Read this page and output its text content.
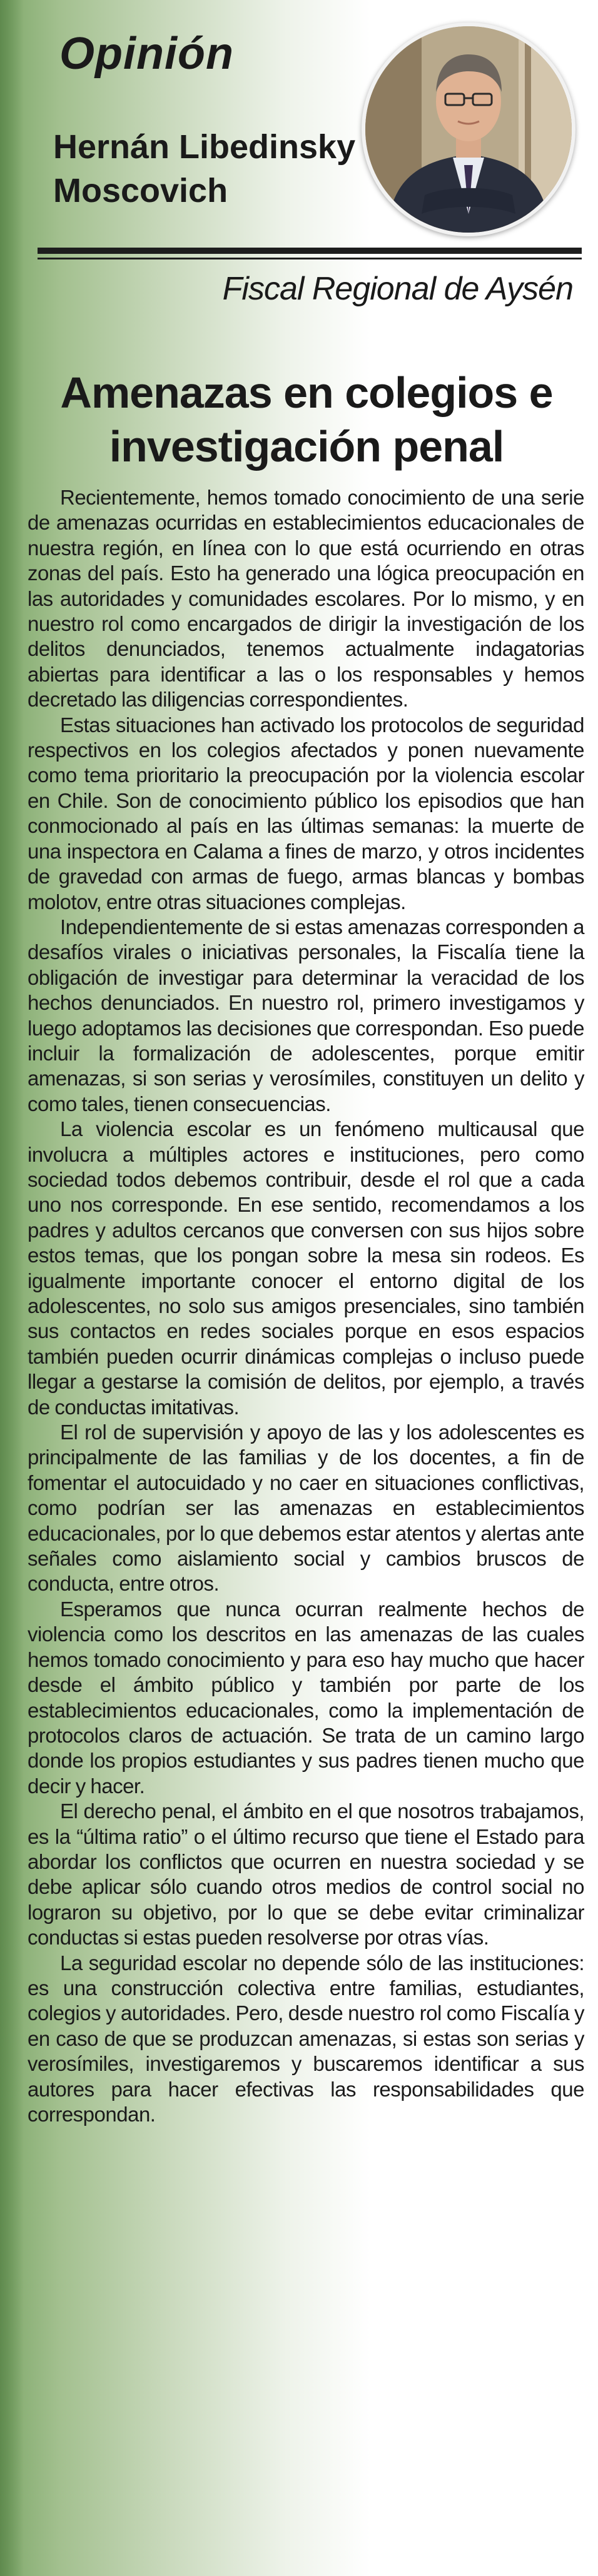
Opinión
Hernán Libedinsky Moscovich

Fiscal Regional de Aysén

Amenazas en colegios e investigación penal

Recientemente, hemos tomado conocimiento de una serie de amenazas ocurridas en establecimientos educacionales de nuestra región, en línea con lo que está ocurriendo en otras zonas del país. Esto ha generado una lógica preocupación en las autoridades y comunidades escolares. Por lo mismo, y en nuestro rol como encargados de dirigir la investigación de los delitos denunciados, tenemos actualmente indagatorias abiertas para identificar a las o los responsables y hemos decretado las diligencias correspondientes.

Estas situaciones han activado los protocolos de seguridad respectivos en los colegios afectados y ponen nuevamente como tema prioritario la preocupación por la violencia escolar en Chile. Son de conocimiento público los episodios que han conmocionado al país en las últimas semanas: la muerte de una inspectora en Calama a fines de marzo, y otros incidentes de gravedad con armas de fuego, armas blancas y bombas molotov, entre otras situaciones complejas.

Independientemente de si estas amenazas corresponden a desafíos virales o iniciativas personales, la Fiscalía tiene la obligación de investigar para determinar la veracidad de los hechos denunciados. En nuestro rol, primero investigamos y luego adoptamos las decisiones que correspondan. Eso puede incluir la formalización de adolescentes, porque emitir amenazas, si son serias y verosímiles, constituyen un delito y como tales, tienen consecuencias.

La violencia escolar es un fenómeno multicausal que involucra a múltiples actores e instituciones, pero como sociedad todos debemos contribuir, desde el rol que a cada uno nos corresponde. En ese sentido, recomendamos a los padres y adultos cercanos que conversen con sus hijos sobre estos temas, que los pongan sobre la mesa sin rodeos. Es igualmente importante conocer el entorno digital de los adolescentes, no solo sus amigos presenciales, sino también sus contactos en redes sociales porque en esos espacios también pueden ocurrir dinámicas complejas o incluso puede llegar a gestarse la comisión de delitos, por ejemplo, a través de conductas imitativas.

El rol de supervisión y apoyo de las y los adolescentes es principalmente de las familias y de los docentes, a fin de fomentar el autocuidado y no caer en situaciones conflictivas, como podrían ser las amenazas en establecimientos educacionales, por lo que debemos estar atentos y alertas ante señales como aislamiento social y cambios bruscos de conducta, entre otros.

Esperamos que nunca ocurran realmente hechos de violencia como los descritos en las amenazas de las cuales hemos tomado conocimiento y para eso hay mucho que hacer desde el ámbito público y también por parte de los establecimientos educacionales, como la implementación de protocolos claros de actuación. Se trata de un camino largo donde los propios estudiantes y sus padres tienen mucho que decir y hacer.

El derecho penal, el ámbito en el que nosotros trabajamos, es la “última ratio” o el último recurso que tiene el Estado para abordar los conflictos que ocurren en nuestra sociedad y se debe aplicar sólo cuando otros medios de control social no lograron su objetivo, por lo que se debe evitar criminalizar conductas si estas pueden resolverse por otras vías.

La seguridad escolar no depende sólo de las instituciones: es una construcción colectiva entre familias, estudiantes, colegios y autoridades. Pero, desde nuestro rol como Fiscalía y en caso de que se produzcan amenazas, si estas son serias y verosímiles, investigaremos y buscaremos identificar a sus autores para hacer efectivas las responsabilidades que correspondan.
